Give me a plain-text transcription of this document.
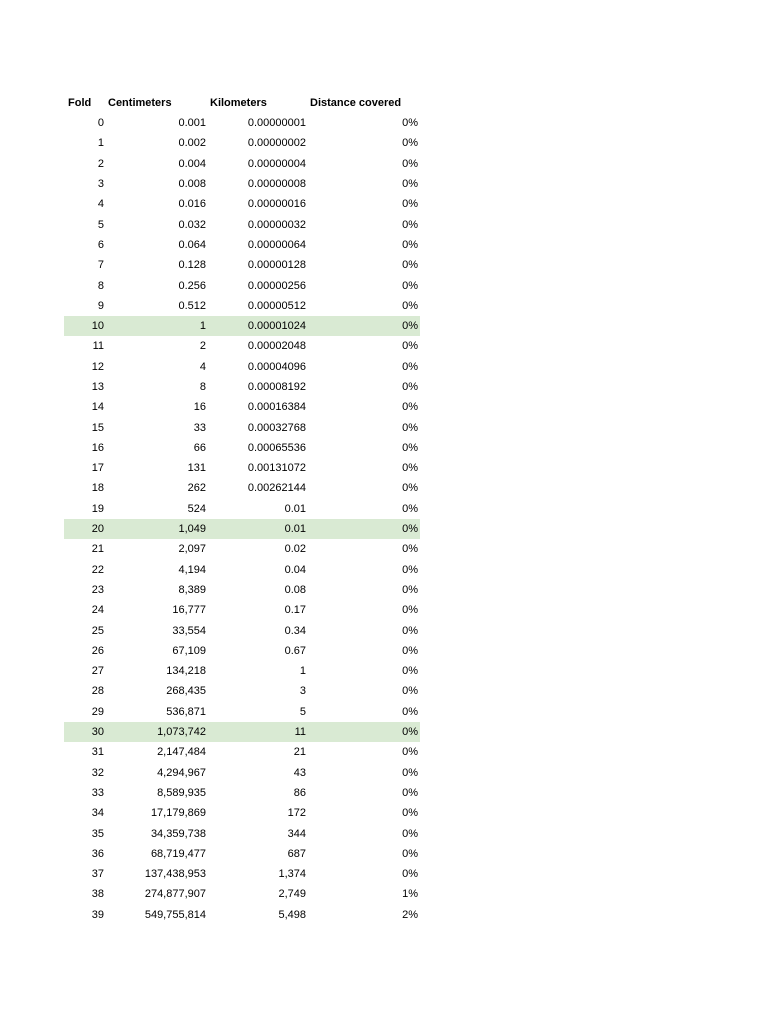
Fold	Centimeters	Kilometers	Distance covered
0	0.001	0.00000001	0%
1	0.002	0.00000002	0%
2	0.004	0.00000004	0%
3	0.008	0.00000008	0%
4	0.016	0.00000016	0%
5	0.032	0.00000032	0%
6	0.064	0.00000064	0%
7	0.128	0.00000128	0%
8	0.256	0.00000256	0%
9	0.512	0.00000512	0%
10	1	0.00001024	0%
11	2	0.00002048	0%
12	4	0.00004096	0%
13	8	0.00008192	0%
14	16	0.00016384	0%
15	33	0.00032768	0%
16	66	0.00065536	0%
17	131	0.00131072	0%
18	262	0.00262144	0%
19	524	0.01	0%
20	1,049	0.01	0%
21	2,097	0.02	0%
22	4,194	0.04	0%
23	8,389	0.08	0%
24	16,777	0.17	0%
25	33,554	0.34	0%
26	67,109	0.67	0%
27	134,218	1	0%
28	268,435	3	0%
29	536,871	5	0%
30	1,073,742	11	0%
31	2,147,484	21	0%
32	4,294,967	43	0%
33	8,589,935	86	0%
34	17,179,869	172	0%
35	34,359,738	344	0%
36	68,719,477	687	0%
37	137,438,953	1,374	0%
38	274,877,907	2,749	1%
39	549,755,814	5,498	2%
